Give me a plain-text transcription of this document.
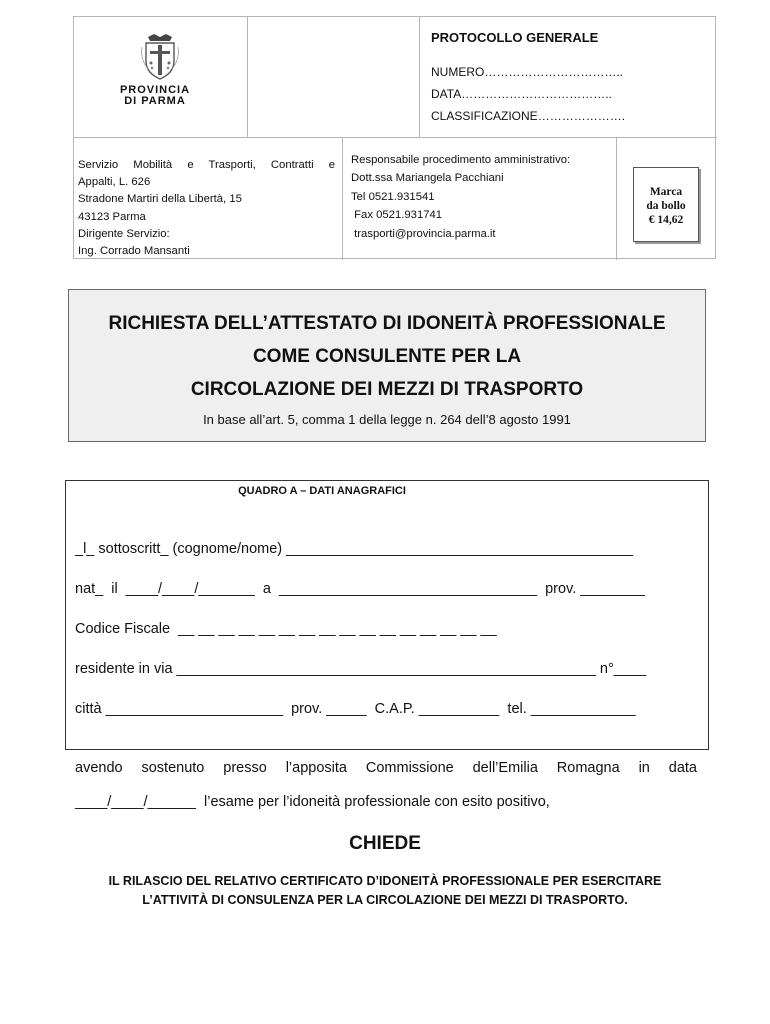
PROVINCIA
DI PARMA
PROTOCOLLO GENERALE
NUMERO……………………………..
DATA………………………………..
CLASSIFICAZIONE………………….
Servizio Mobilità e Trasporti, Contratti e
Appalti, L. 626
Stradone Martiri della Libertà, 15
43123 Parma
Dirigente Servizio:
Ing. Corrado Mansanti
Responsabile procedimento amministrativo:
Dott.ssa Mariangela Pacchiani
Tel 0521.931541
Fax 0521.931741
trasporti@provincia.parma.it
Marca
da bollo
€ 14,62
RICHIESTA DELL’ATTESTATO DI IDONEITÀ PROFESSIONALE
COME CONSULENTE PER LA
CIRCOLAZIONE DEI MEZZI DI TRASPORTO
In base all’art. 5, comma 1 della legge n. 264 dell’8 agosto 1991
QUADRO A – DATI ANAGRAFICI
_l_ sottoscritt_ (cognome/nome) ___________________________________________
nat_  il  ____/____/_______  a  ________________________________  prov. ________
Codice Fiscale  __ __ __ __ __ __ __ __ __ __ __ __ __ __ __ __
residente in via ____________________________________________________ n°____
città ______________________  prov. _____  C.A.P. __________  tel. _____________
avendo sostenuto presso l’apposita Commissione dell’Emilia Romagna in data
____/____/______  l’esame per l’idoneità professionale con esito positivo,
CHIEDE
IL RILASCIO DEL RELATIVO CERTIFICATO D’IDONEITÀ PROFESSIONALE PER ESERCITARE L’ATTIVITÀ DI CONSULENZA PER LA CIRCOLAZIONE DEI MEZZI DI TRASPORTO.
